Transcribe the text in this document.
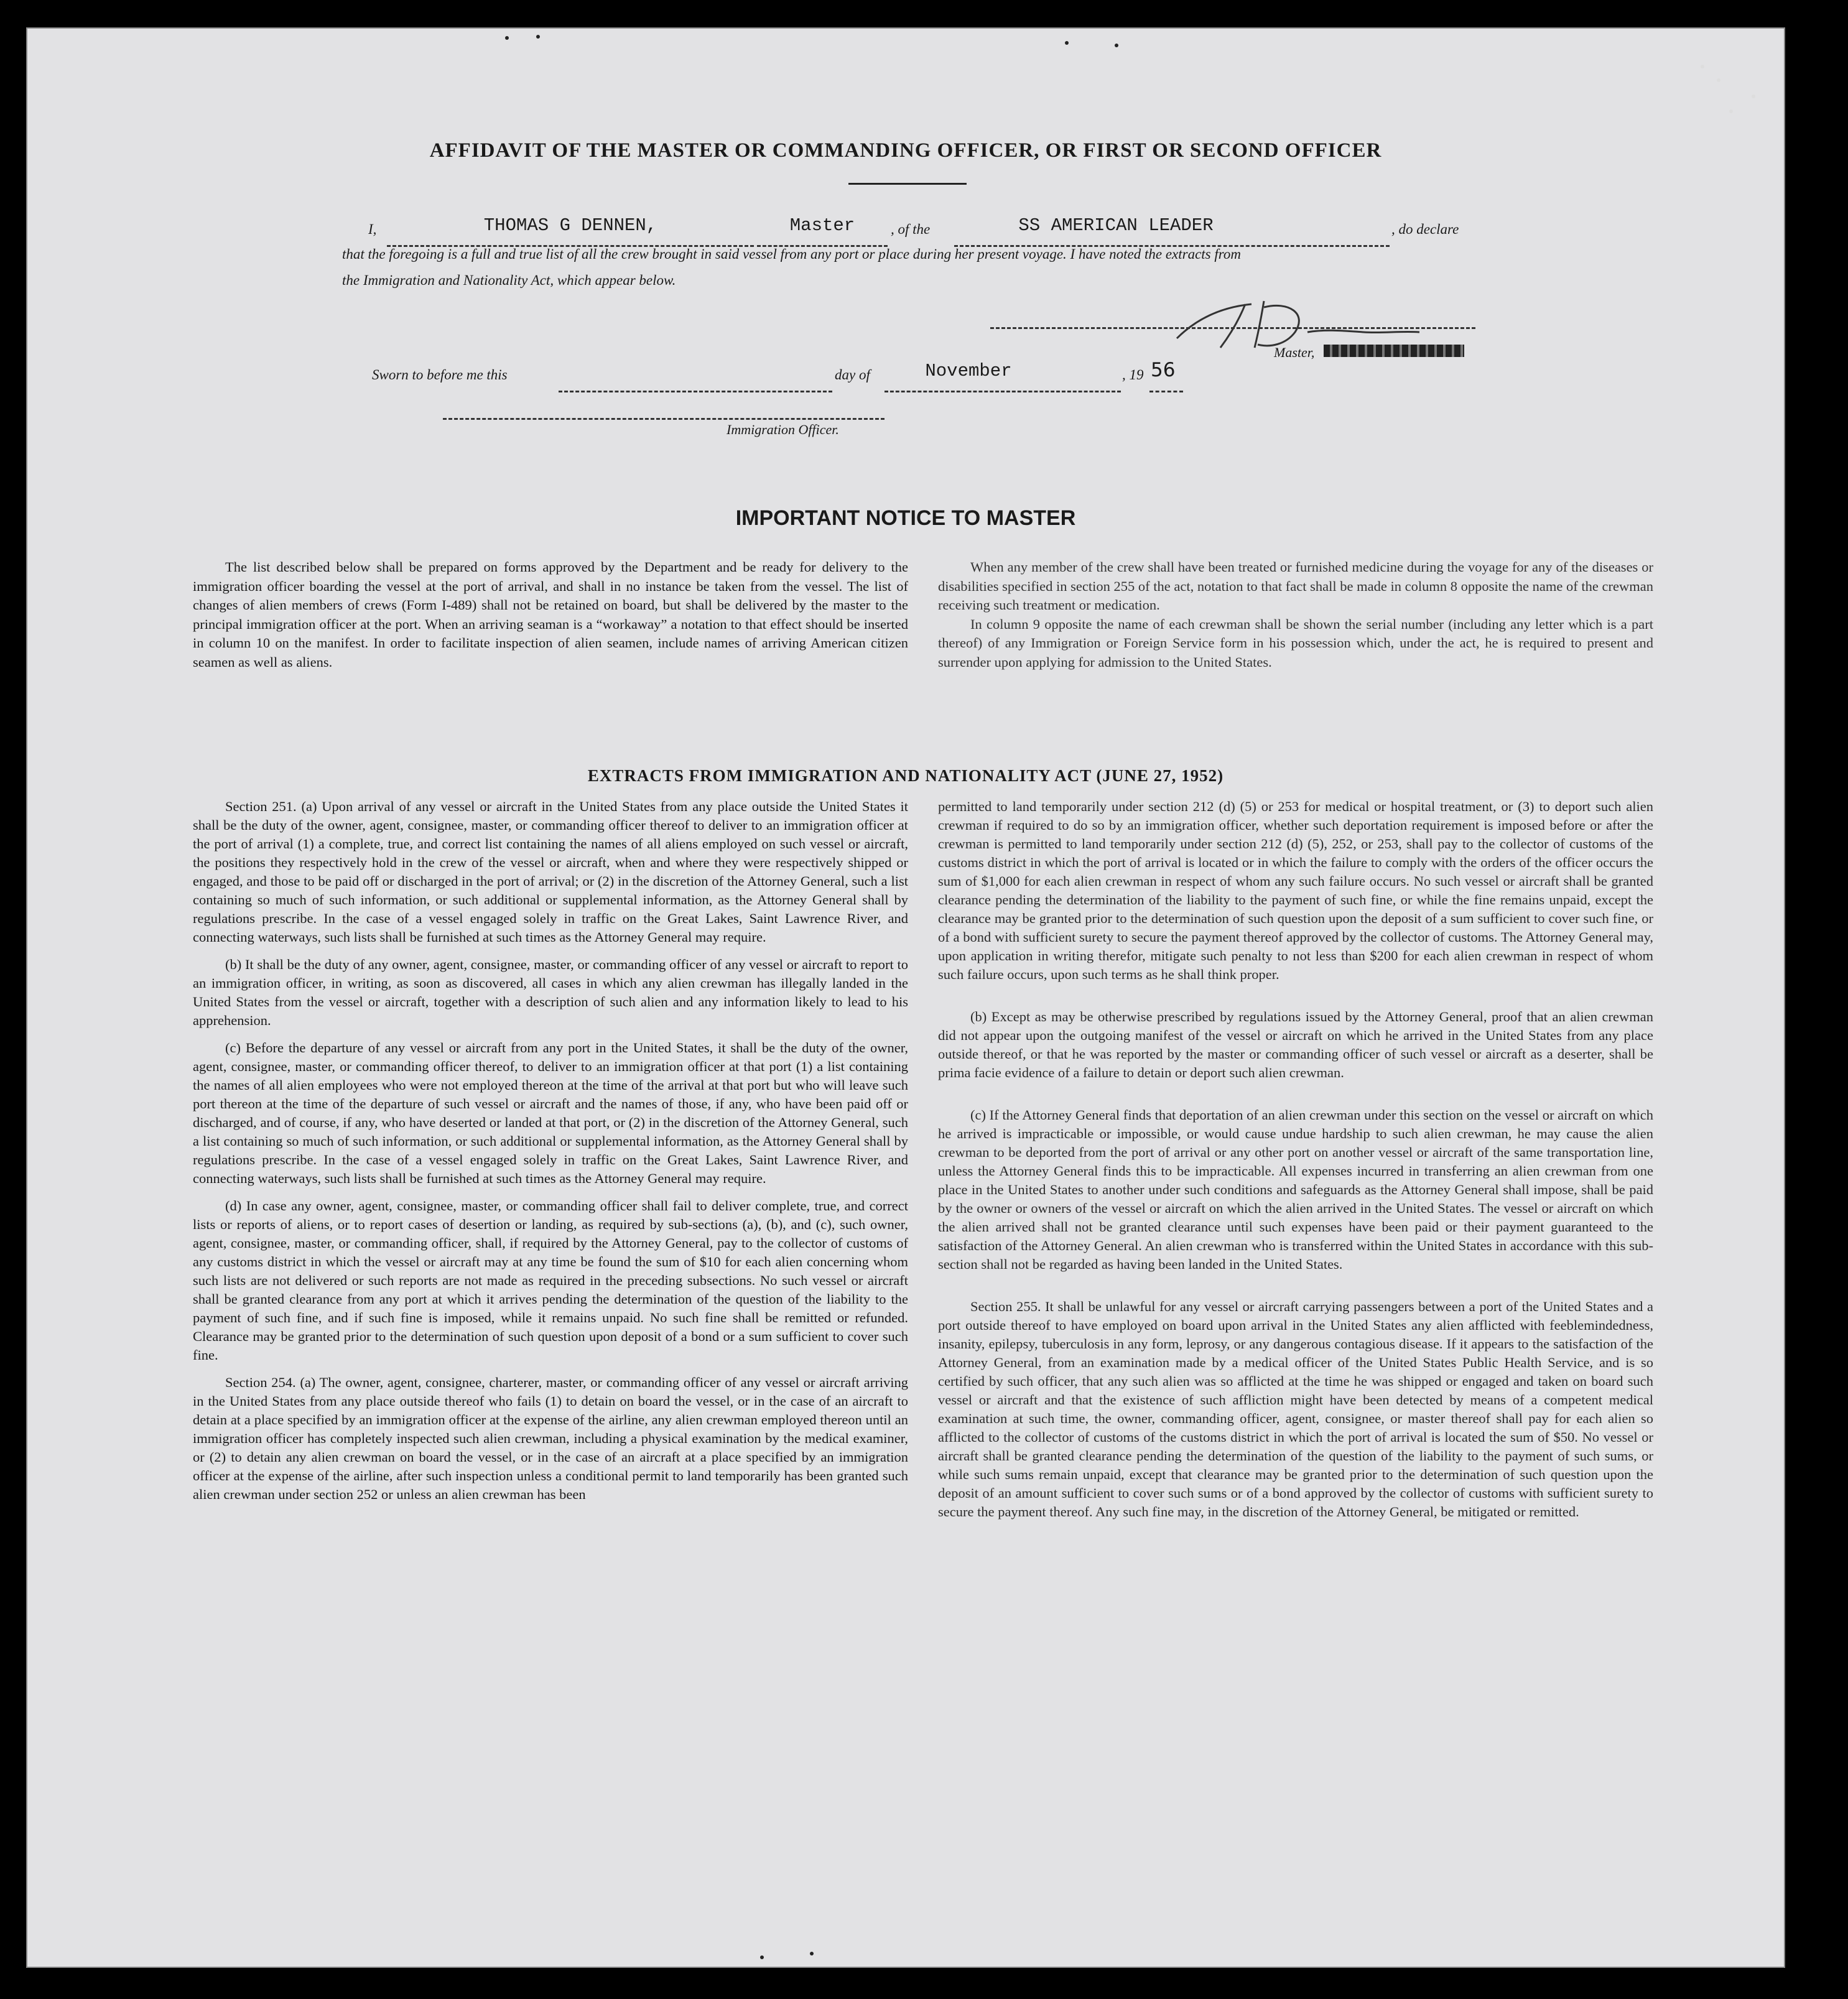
AFFIDAVIT OF THE MASTER OR COMMANDING OFFICER, OR FIRST OR SECOND OFFICER
I,	THOMAS G DENNEN,	Master	, of the	SS AMERICAN LEADER	, do declare
that the foregoing is a full and true list of all the crew brought in said vessel from any port or place during her present voyage. I have noted the extracts from
the Immigration and Nationality Act, which appear below.
Master,
Sworn to before me this	day of	November	, 19 56
Immigration Officer.
IMPORTANT NOTICE TO MASTER

The list described below shall be prepared on forms approved by the Department and be ready for delivery to the immigration officer boarding the vessel at the port of arrival, and shall in no instance be taken from the vessel. The list of changes of alien members of crews (Form I-489) shall not be retained on board, but shall be delivered by the master to the principal immigration officer at the port. When an arriving seaman is a “workaway” a notation to that effect should be inserted in column 10 on the manifest. In order to facilitate inspection of alien seamen, include names of arriving American citizen seamen as well as aliens.

When any member of the crew shall have been treated or furnished medicine during the voyage for any of the diseases or disabilities specified in section 255 of the act, notation to that fact shall be made in column 8 opposite the name of the crewman receiving such treatment or medication.

In column 9 opposite the name of each crewman shall be shown the serial number (including any letter which is a part thereof) of any Immigration or Foreign Service form in his possession which, under the act, he is required to present and surrender upon applying for admission to the United States.

EXTRACTS FROM IMMIGRATION AND NATIONALITY ACT (JUNE 27, 1952)

Section 251. (a) Upon arrival of any vessel or aircraft in the United States from any place outside the United States it shall be the duty of the owner, agent, consignee, master, or commanding officer thereof to deliver to an immigration officer at the port of arrival (1) a complete, true, and correct list containing the names of all aliens employed on such vessel or aircraft, the positions they respectively hold in the crew of the vessel or aircraft, when and where they were respectively shipped or engaged, and those to be paid off or discharged in the port of arrival; or (2) in the discretion of the Attorney General, such a list containing so much of such information, or such additional or supplemental information, as the Attorney General shall by regulations prescribe. In the case of a vessel engaged solely in traffic on the Great Lakes, Saint Lawrence River, and connecting waterways, such lists shall be furnished at such times as the Attorney General may require.

(b) It shall be the duty of any owner, agent, consignee, master, or commanding officer of any vessel or aircraft to report to an immigration officer, in writing, as soon as discovered, all cases in which any alien crewman has illegally landed in the United States from the vessel or aircraft, together with a description of such alien and any information likely to lead to his apprehension.

(c) Before the departure of any vessel or aircraft from any port in the United States, it shall be the duty of the owner, agent, consignee, master, or commanding officer thereof, to deliver to an immigration officer at that port (1) a list containing the names of all alien employees who were not employed thereon at the time of the arrival at that port but who will leave such port thereon at the time of the departure of such vessel or aircraft and the names of those, if any, who have been paid off or discharged, and of course, if any, who have deserted or landed at that port, or (2) in the discretion of the Attorney General, such a list containing so much of such information, or such additional or supplemental information, as the Attorney General shall by regulations prescribe. In the case of a vessel engaged solely in traffic on the Great Lakes, Saint Lawrence River, and connecting waterways, such lists shall be furnished at such times as the Attorney General may require.

(d) In case any owner, agent, consignee, master, or commanding officer shall fail to deliver complete, true, and correct lists or reports of aliens, or to report cases of desertion or landing, as required by sub-sections (a), (b), and (c), such owner, agent, consignee, master, or commanding officer, shall, if required by the Attorney General, pay to the collector of customs of any customs district in which the vessel or aircraft may at any time be found the sum of $10 for each alien concerning whom such lists are not delivered or such reports are not made as required in the preceding subsections. No such vessel or aircraft shall be granted clearance from any port at which it arrives pending the determination of the question of the liability to the payment of such fine, and if such fine is imposed, while it remains unpaid. No such fine shall be remitted or refunded. Clearance may be granted prior to the determination of such question upon deposit of a bond or a sum sufficient to cover such fine.

Section 254. (a) The owner, agent, consignee, charterer, master, or commanding officer of any vessel or aircraft arriving in the United States from any place outside thereof who fails (1) to detain on board the vessel, or in the case of an aircraft to detain at a place specified by an immigration officer at the expense of the airline, any alien crewman employed thereon until an immigration officer has completely inspected such alien crewman, including a physical examination by the medical examiner, or (2) to detain any alien crewman on board the vessel, or in the case of an aircraft at a place specified by an immigration officer at the expense of the airline, after such inspection unless a conditional permit to land temporarily has been granted such alien crewman under section 252 or unless an alien crewman has been

permitted to land temporarily under section 212 (d) (5) or 253 for medical or hospital treatment, or (3) to deport such alien crewman if required to do so by an immigration officer, whether such deportation requirement is imposed before or after the crewman is permitted to land temporarily under section 212 (d) (5), 252, or 253, shall pay to the collector of customs of the customs district in which the port of arrival is located or in which the failure to comply with the orders of the officer occurs the sum of $1,000 for each alien crewman in respect of whom any such failure occurs. No such vessel or aircraft shall be granted clearance pending the determination of the liability to the payment of such fine, or while the fine remains unpaid, except the clearance may be granted prior to the determination of such question upon the deposit of a sum sufficient to cover such fine, or of a bond with sufficient surety to secure the payment thereof approved by the collector of customs. The Attorney General may, upon application in writing therefor, mitigate such penalty to not less than $200 for each alien crewman in respect of whom such failure occurs, upon such terms as he shall think proper.

(b) Except as may be otherwise prescribed by regulations issued by the Attorney General, proof that an alien crewman did not appear upon the outgoing manifest of the vessel or aircraft on which he arrived in the United States from any place outside thereof, or that he was reported by the master or commanding officer of such vessel or aircraft as a deserter, shall be prima facie evidence of a failure to detain or deport such alien crewman.

(c) If the Attorney General finds that deportation of an alien crewman under this section on the vessel or aircraft on which he arrived is impracticable or impossible, or would cause undue hardship to such alien crewman, he may cause the alien crewman to be deported from the port of arrival or any other port on another vessel or aircraft of the same transportation line, unless the Attorney General finds this to be impracticable. All expenses incurred in transferring an alien crewman from one place in the United States to another under such conditions and safeguards as the Attorney General shall impose, shall be paid by the owner or owners of the vessel or aircraft on which the alien arrived in the United States. The vessel or aircraft on which the alien arrived shall not be granted clearance until such expenses have been paid or their payment guaranteed to the satisfaction of the Attorney General. An alien crewman who is transferred within the United States in accordance with this sub-section shall not be regarded as having been landed in the United States.

Section 255. It shall be unlawful for any vessel or aircraft carrying passengers between a port of the United States and a port outside thereof to have employed on board upon arrival in the United States any alien afflicted with feeblemindedness, insanity, epilepsy, tuberculosis in any form, leprosy, or any dangerous contagious disease. If it appears to the satisfaction of the Attorney General, from an examination made by a medical officer of the United States Public Health Service, and is so certified by such officer, that any such alien was so afflicted at the time he was shipped or engaged and taken on board such vessel or aircraft and that the existence of such affliction might have been detected by means of a competent medical examination at such time, the owner, commanding officer, agent, consignee, or master thereof shall pay for each alien so afflicted to the collector of customs of the customs district in which the port of arrival is located the sum of $50. No vessel or aircraft shall be granted clearance pending the determination of the question of the liability to the payment of such sums, or while such sums remain unpaid, except that clearance may be granted prior to the determination of such question upon the deposit of an amount sufficient to cover such sums or of a bond approved by the collector of customs with sufficient surety to secure the payment thereof. Any such fine may, in the discretion of the Attorney General, be mitigated or remitted.
